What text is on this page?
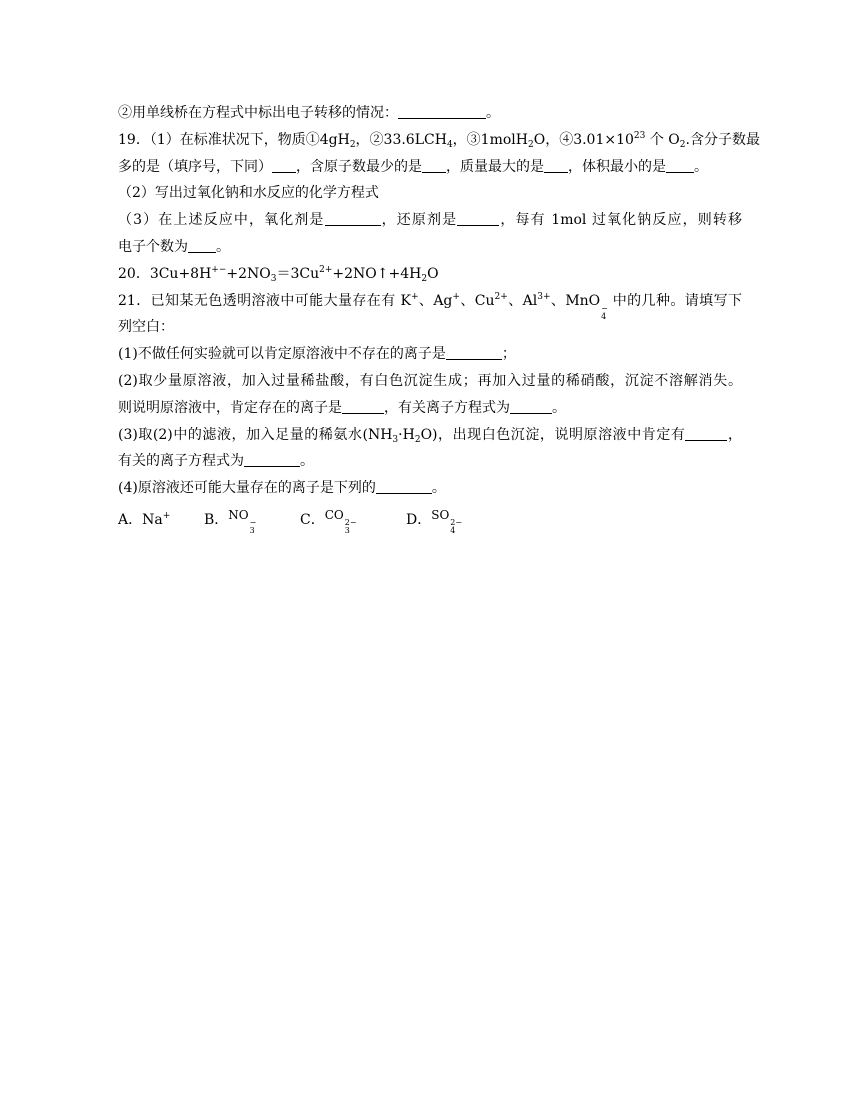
②用单线桥在方程式中标出电子转移的情况：	。
19．（1）在标准状况下，物质$①4gH_2$，$②33.6LCH_4$，③1molH$_2$O，$④3.01\times 10^{23}$ 个 $O_2$.含分子数最
多的是（填序号，下同） ，含原子数最少的是 ，质量最大的是 ，体积最小的是 。
（2）写出过氧化钠和水反应的化学方程式
（3）在上述反应中，氧化剂是	，还原剂是	，每有 1mol 过氧化钠反应，则转移
电子个数为 。
20．$3Cu+8H^{+-}+2NO_3=3Cu^{2+}+2NO↑+4H_2O$
21．已知某无色透明溶液中可能大量存在有 K+、Ag+、$Cu^{2+}$、$Al^{3+}$、MnO −
4
中的几种。请填写下
列空白：
(1)不做任何实验就可以肯定原溶液中不存在的离子是	；
(2)取少量原溶液，加入过量稀盐酸，有白色沉淀生成；再加入过量的稀硝酸，沉淀不溶解消失。
则说明原溶液中，肯定存在的离子是	，有关离子方程式为	。
(3)取(2)中的滤液，加入足量的稀氨水$(NH_3\cdot H_2O)$，出现白色沉淀，说明原溶液中肯定有	，
有关的离子方程式为	。
(4)原溶液还可能大量存在的离子是下列的	。
A．Na+ B．NO
−
3
C．CO
2−
3
D．SO
2−
4
